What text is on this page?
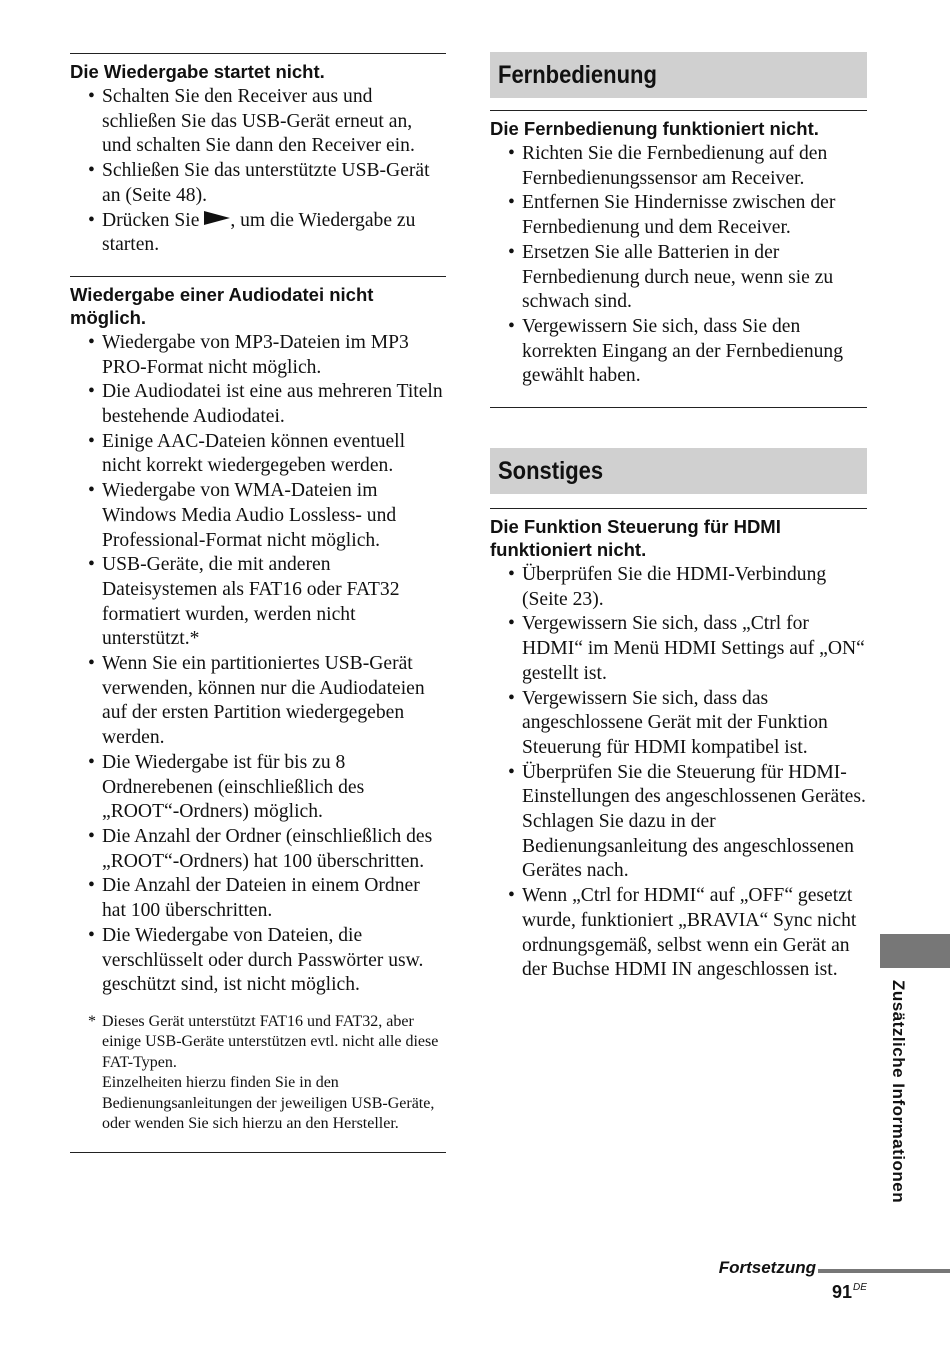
Die Wiedergabe startet nicht.
• Schalten Sie den Receiver aus und schließen Sie das USB-Gerät erneut an, und schalten Sie dann den Receiver ein.
• Schließen Sie das unterstützte USB-Gerät an (Seite 48).
• Drücken Sie , um die Wiedergabe zu starten.
Wiedergabe einer Audiodatei nicht möglich.
• Wiedergabe von MP3-Dateien im MP3 PRO-Format nicht möglich.
• Die Audiodatei ist eine aus mehreren Titeln bestehende Audiodatei.
• Einige AAC-Dateien können eventuell nicht korrekt wiedergegeben werden.
• Wiedergabe von WMA-Dateien im Windows Media Audio Lossless- und Professional-Format nicht möglich.
• USB-Geräte, die mit anderen Dateisystemen als FAT16 oder FAT32 formatiert wurden, werden nicht unterstützt.*
• Wenn Sie ein partitioniertes USB-Gerät verwenden, können nur die Audiodateien auf der ersten Partition wiedergegeben werden.
• Die Wiedergabe ist für bis zu 8 Ordnerebenen (einschließlich des „ROOT“-Ordners) möglich.
• Die Anzahl der Ordner (einschließlich des „ROOT“-Ordners) hat 100 überschritten.
• Die Anzahl der Dateien in einem Ordner hat 100 überschritten.
• Die Wiedergabe von Dateien, die verschlüsselt oder durch Passwörter usw. geschützt sind, ist nicht möglich.
* Dieses Gerät unterstützt FAT16 und FAT32, aber einige USB-Geräte unterstützen evtl. nicht alle diese FAT-Typen.

Einzelheiten hierzu finden Sie in den Bedienungsanleitungen der jeweiligen USB-Geräte, oder wenden Sie sich hierzu an den Hersteller.

Fernbedienung
Die Fernbedienung funktioniert nicht.
• Richten Sie die Fernbedienung auf den Fernbedienungssensor am Receiver.
• Entfernen Sie Hindernisse zwischen der Fernbedienung und dem Receiver.
• Ersetzen Sie alle Batterien in der Fernbedienung durch neue, wenn sie zu schwach sind.
• Vergewissern Sie sich, dass Sie den korrekten Eingang an der Fernbedienung gewählt haben.
Sonstiges
Die Funktion Steuerung für HDMI funktioniert nicht.
• Überprüfen Sie die HDMI-Verbindung (Seite 23).
• Vergewissern Sie sich, dass „Ctrl for HDMI“ im Menü HDMI Settings auf „ON“ gestellt ist.
• Vergewissern Sie sich, dass das angeschlossene Gerät mit der Funktion Steuerung für HDMI kompatibel ist.
• Überprüfen Sie die Steuerung für HDMI-Einstellungen des angeschlossenen Gerätes. Schlagen Sie dazu in der Bedienungsanleitung des angeschlossenen Gerätes nach.
• Wenn „Ctrl for HDMI“ auf „OFF“ gesetzt wurde, funktioniert „BRAVIA“ Sync nicht ordnungsgemäß, selbst wenn ein Gerät an der Buchse HDMI IN angeschlossen ist.
Zusätzliche Informationen
Fortsetzung
91DE
